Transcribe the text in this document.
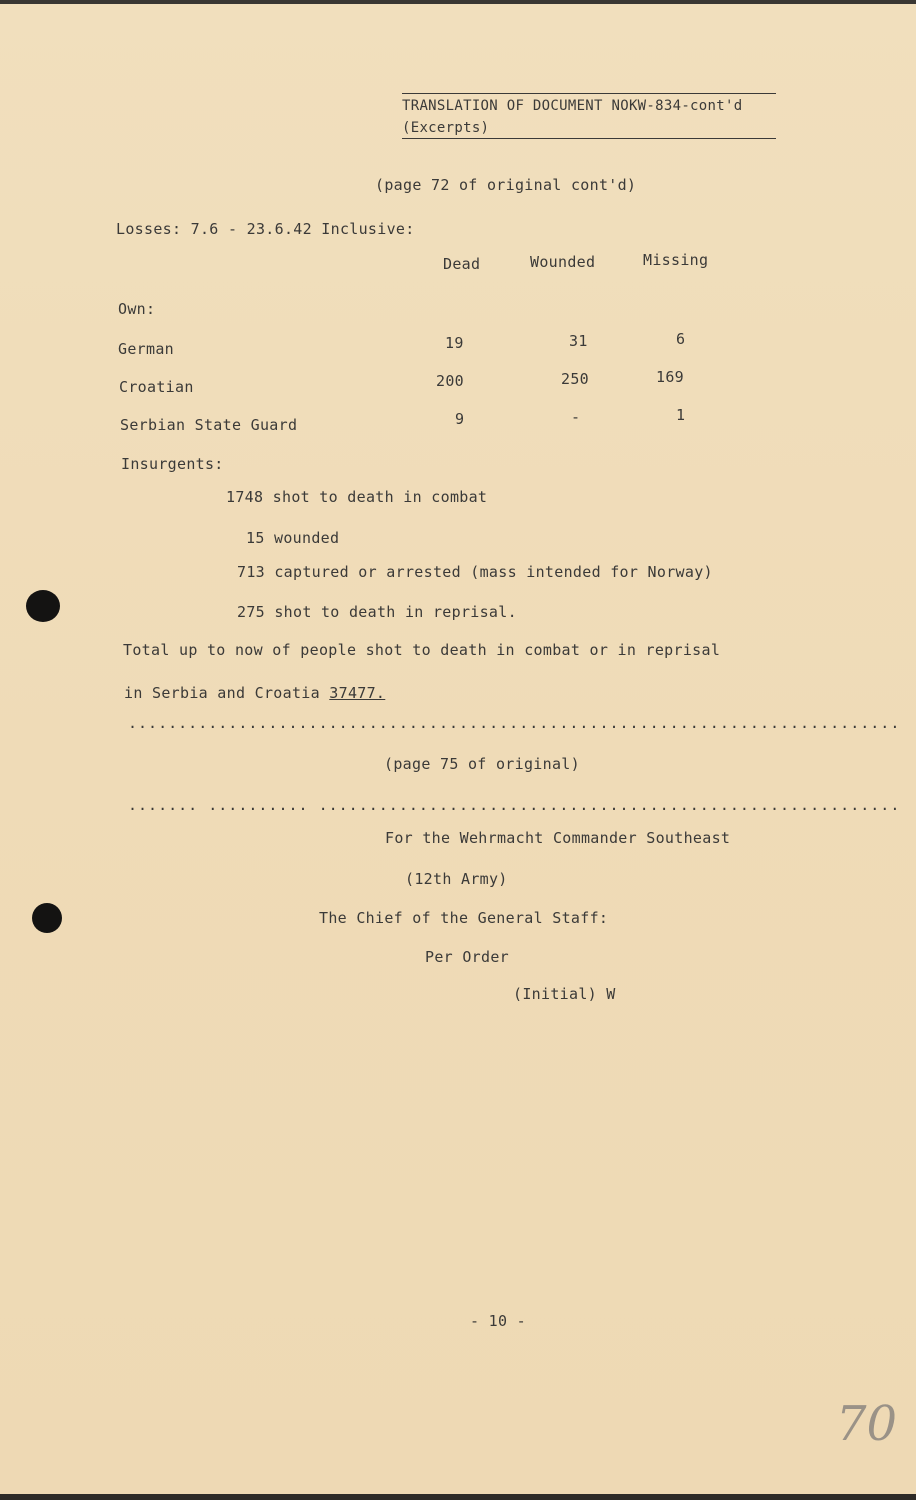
TRANSLATION OF DOCUMENT NOKW-834-cont'd
(Excerpts)
(page 72 of original cont'd)
Losses: 7.6 - 23.6.42 Inclusive:
Dead	Wounded	Missing
Own:
German	19	31	6
Croatian	200	250	169
Serbian State Guard	9	-	1
Insurgents:
1748 shot to death in combat
15 wounded
713 captured or arrested (mass intended for Norway)
275 shot to death in reprisal.
Total up to now of people shot to death in combat or in reprisal
in Serbia and Croatia 37477.
.............................................................................
(page 75 of original)
....... .......... ..........................................................
For the Wehrmacht Commander Southeast
(12th Army)
The Chief of the General Staff:
Per Order
(Initial) W
- 10 -
70
